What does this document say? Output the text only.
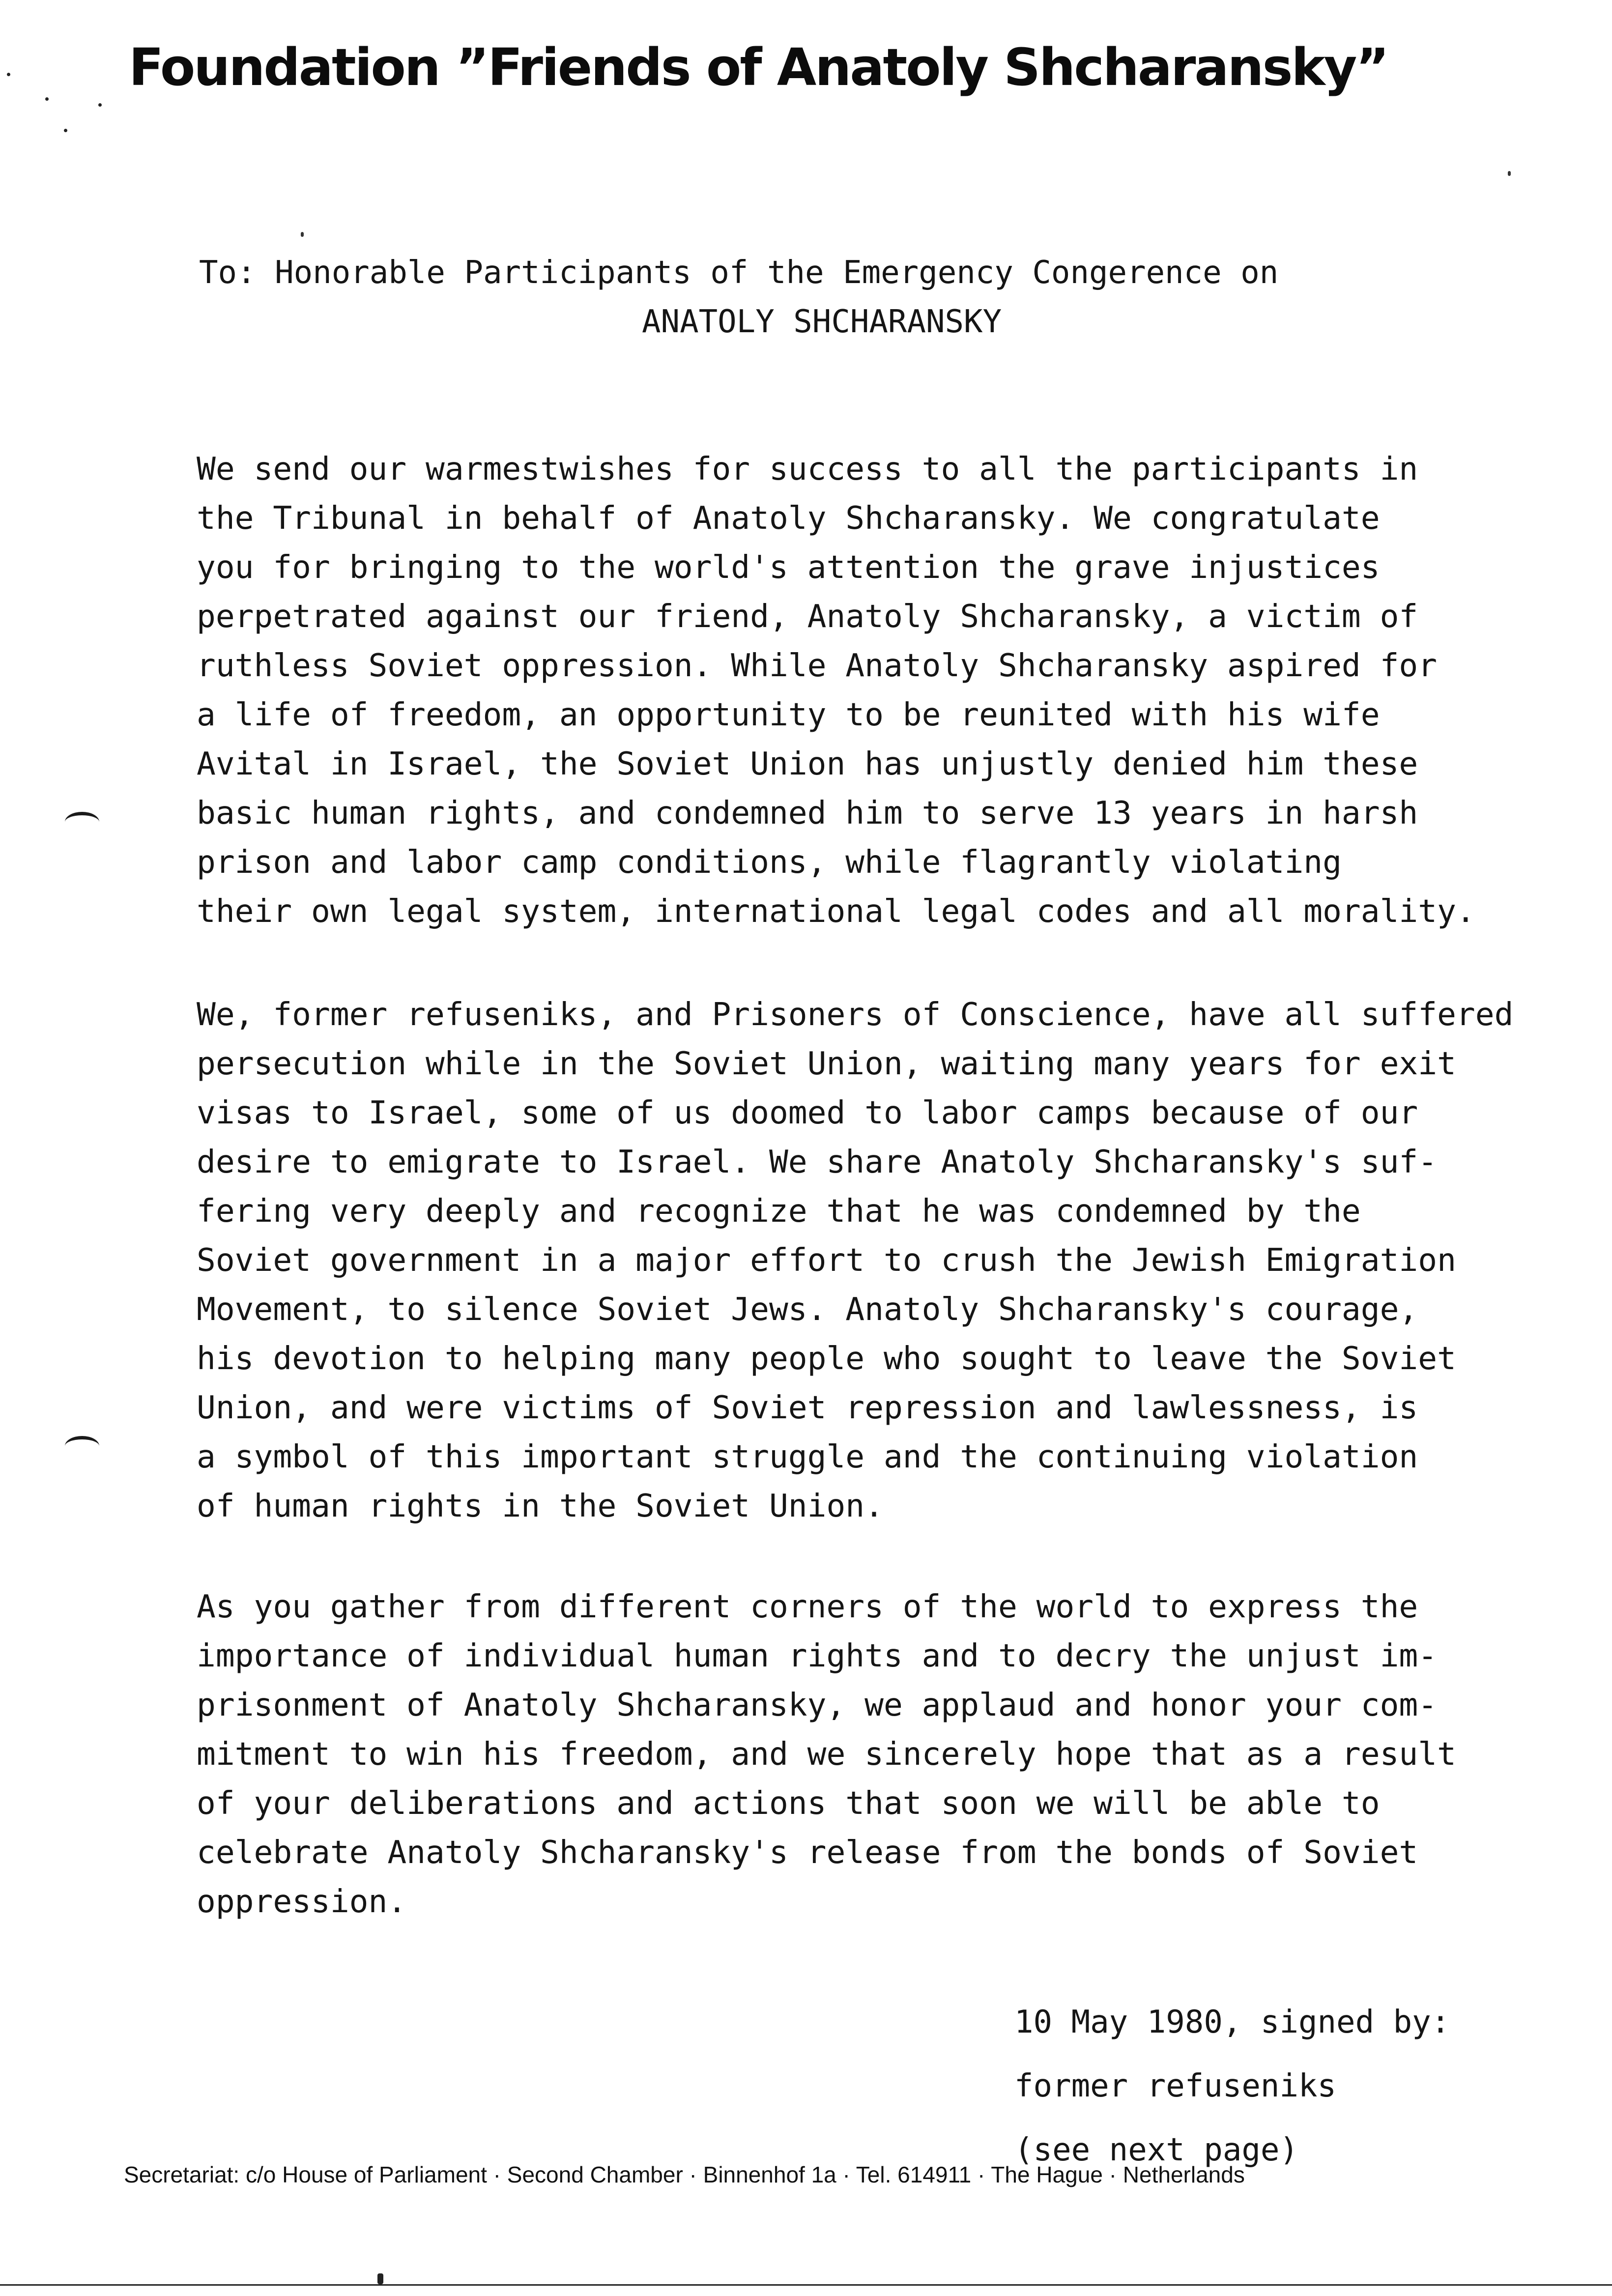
Foundation ”Friends of Anatoly Shcharansky”
To: Honorable Participants of the Emergency Congerence on
ANATOLY SHCHARANSKY
We send our warmestwishes for success to all the participants in
the Tribunal in behalf of Anatoly Shcharansky. We congratulate
you for bringing to the world's attention the grave injustices
perpetrated against our friend, Anatoly Shcharansky, a victim of
ruthless Soviet oppression. While Anatoly Shcharansky aspired for
a life of freedom, an opportunity to be reunited with his wife
Avital in Israel, the Soviet Union has unjustly denied him these
basic human rights, and condemned him to serve 13 years in harsh
prison and labor camp conditions, while flagrantly violating
their own legal system, international legal codes and all morality.
We, former refuseniks, and Prisoners of Conscience, have all suffered
persecution while in the Soviet Union, waiting many years for exit
visas to Israel, some of us doomed to labor camps because of our
desire to emigrate to Israel. We share Anatoly Shcharansky's suf-
fering very deeply and recognize that he was condemned by the
Soviet government in a major effort to crush the Jewish Emigration
Movement, to silence Soviet Jews. Anatoly Shcharansky's courage,
his devotion to helping many people who sought to leave the Soviet
Union, and were victims of Soviet repression and lawlessness, is
a symbol of this important struggle and the continuing violation
of human rights in the Soviet Union.
As you gather from different corners of the world to express the
importance of individual human rights and to decry the unjust im-
prisonment of Anatoly Shcharansky, we applaud and honor your com-
mitment to win his freedom, and we sincerely hope that as a result
of your deliberations and actions that soon we will be able to
celebrate Anatoly Shcharansky's release from the bonds of Soviet
oppression.
10 May 1980, signed by:
former refuseniks
(see next page)
Secretariat: c/o House of Parliament · Second Chamber · Binnenhof 1a · Tel. 614911 · The Hague · Netherlands
